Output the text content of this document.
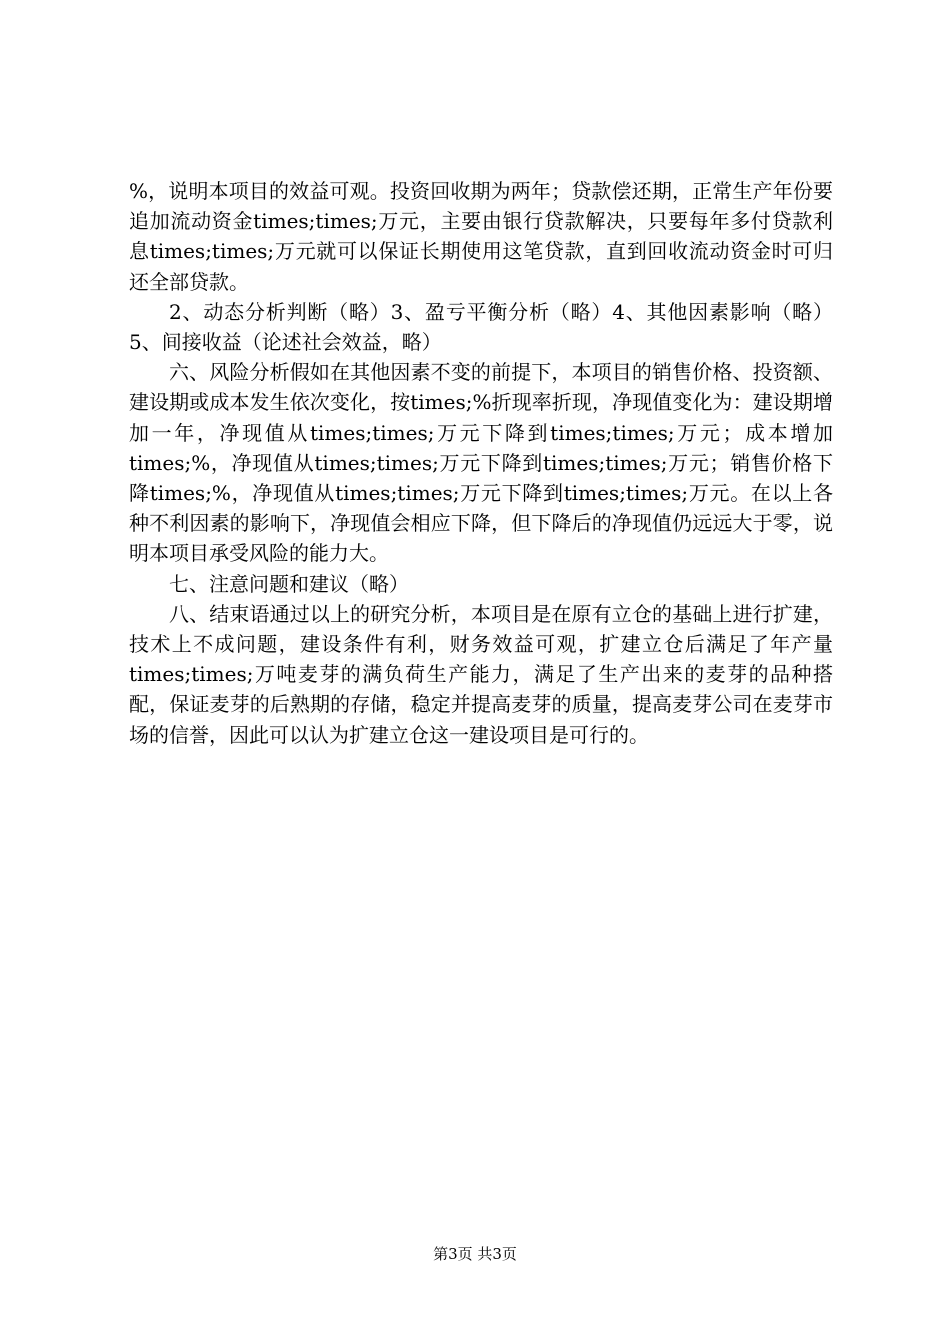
%，说明本项目的效益可观。投资回收期为两年；贷款偿还期，正常生产年份要追加流动资金times;times;万元，主要由银行贷款解决，只要每年多付贷款利息times;times;万元就可以保证长期使用这笔贷款，直到回收流动资金时可归还全部贷款。

2、动态分析判断（略）3、盈亏平衡分析（略）4、其他因素影响（略）5、间接收益（论述社会效益，略）

六、风险分析假如在其他因素不变的前提下，本项目的销售价格、投资额、建设期或成本发生依次变化，按times;%折现率折现，净现值变化为：建设期增加一年，净现值从times;times;万元下降到times;times;万元；成本增加times;%，净现值从times;times;万元下降到times;times;万元；销售价格下降times;%，净现值从times;times;万元下降到times;times;万元。在以上各种不利因素的影响下，净现值会相应下降，但下降后的净现值仍远远大于零，说明本项目承受风险的能力大。

七、注意问题和建议（略）

八、结束语通过以上的研究分析，本项目是在原有立仓的基础上进行扩建，技术上不成问题，建设条件有利，财务效益可观，扩建立仓后满足了年产量times;times;万吨麦芽的满负荷生产能力，满足了生产出来的麦芽的品种搭配，保证麦芽的后熟期的存储，稳定并提高麦芽的质量，提高麦芽公司在麦芽市场的信誉，因此可以认为扩建立仓这一建设项目是可行的。

第3页 共3页
